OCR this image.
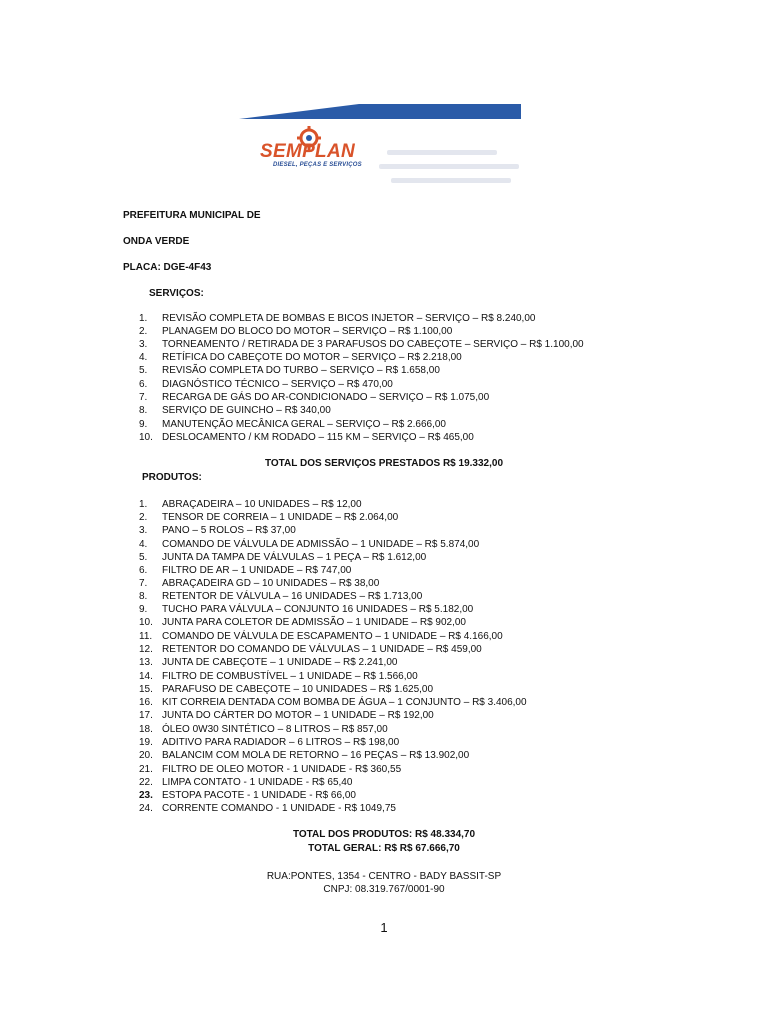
SEMPLAN
DIESEL, PEÇAS E SERVIÇOS
PREFEITURA MUNICIPAL DE
ONDA VERDE
PLACA: DGE-4F43
SERVIÇOS:
1.	REVISÃO COMPLETA DE BOMBAS E BICOS INJETOR – SERVIÇO – R$ 8.240,00
2.	PLANAGEM DO BLOCO DO MOTOR – SERVIÇO – R$ 1.100,00
3.	TORNEAMENTO / RETIRADA DE 3 PARAFUSOS DO CABEÇOTE – SERVIÇO – R$ 1.100,00
4.	RETÍFICA DO CABEÇOTE DO MOTOR – SERVIÇO – R$ 2.218,00
5.	REVISÃO COMPLETA DO TURBO – SERVIÇO – R$ 1.658,00
6.	DIAGNÓSTICO TÉCNICO – SERVIÇO – R$ 470,00
7.	RECARGA DE GÁS DO AR-CONDICIONADO – SERVIÇO – R$ 1.075,00
8.	SERVIÇO DE GUINCHO – R$ 340,00
9.	MANUTENÇÃO MECÂNICA GERAL – SERVIÇO – R$ 2.666,00
10. DESLOCAMENTO / KM RODADO – 115 KM – SERVIÇO – R$ 465,00
TOTAL DOS SERVIÇOS PRESTADOS R$ 19.332,00
PRODUTOS:
1.	ABRAÇADEIRA – 10 UNIDADES – R$ 12,00
2.	TENSOR DE CORREIA – 1 UNIDADE – R$ 2.064,00
3.	PANO – 5 ROLOS – R$ 37,00
4.	COMANDO DE VÁLVULA DE ADMISSÃO – 1 UNIDADE – R$ 5.874,00
5.	JUNTA DA TAMPA DE VÁLVULAS – 1 PEÇA – R$ 1.612,00
6.	FILTRO DE AR – 1 UNIDADE – R$ 747,00
7.	ABRAÇADEIRA GD – 10 UNIDADES – R$ 38,00
8.	RETENTOR DE VÁLVULA – 16 UNIDADES – R$ 1.713,00
9.	TUCHO PARA VÁLVULA – CONJUNTO 16 UNIDADES – R$ 5.182,00
10. JUNTA PARA COLETOR DE ADMISSÃO – 1 UNIDADE – R$ 902,00
11. COMANDO DE VÁLVULA DE ESCAPAMENTO – 1 UNIDADE – R$ 4.166,00
12. RETENTOR DO COMANDO DE VÁLVULAS – 1 UNIDADE – R$ 459,00
13. JUNTA DE CABEÇOTE – 1 UNIDADE – R$ 2.241,00
14. FILTRO DE COMBUSTÍVEL – 1 UNIDADE – R$ 1.566,00
15. PARAFUSO DE CABEÇOTE – 10 UNIDADES – R$ 1.625,00
16. KIT CORREIA DENTADA COM BOMBA DE ÁGUA – 1 CONJUNTO – R$ 3.406,00
17. JUNTA DO CÁRTER DO MOTOR – 1 UNIDADE – R$ 192,00
18. ÓLEO 0W30 SINTÉTICO – 8 LITROS – R$ 857,00
19. ADITIVO PARA RADIADOR – 6 LITROS – R$ 198,00
20. BALANCIM COM MOLA DE RETORNO – 16 PEÇAS – R$ 13.902,00
21. FILTRO DE OLEO MOTOR - 1 UNIDADE - R$ 360,55
22. LIMPA CONTATO - 1 UNIDADE - R$ 65,40
23. ESTOPA PACOTE - 1 UNIDADE - R$ 66,00
24. CORRENTE COMANDO - 1 UNIDADE - R$ 1049,75
TOTAL DOS PRODUTOS: R$ 48.334,70
TOTAL GERAL: R$ R$ 67.666,70
RUA:PONTES, 1354 - CENTRO - BADY BASSIT-SP
CNPJ: 08.319.767/0001-90
1
